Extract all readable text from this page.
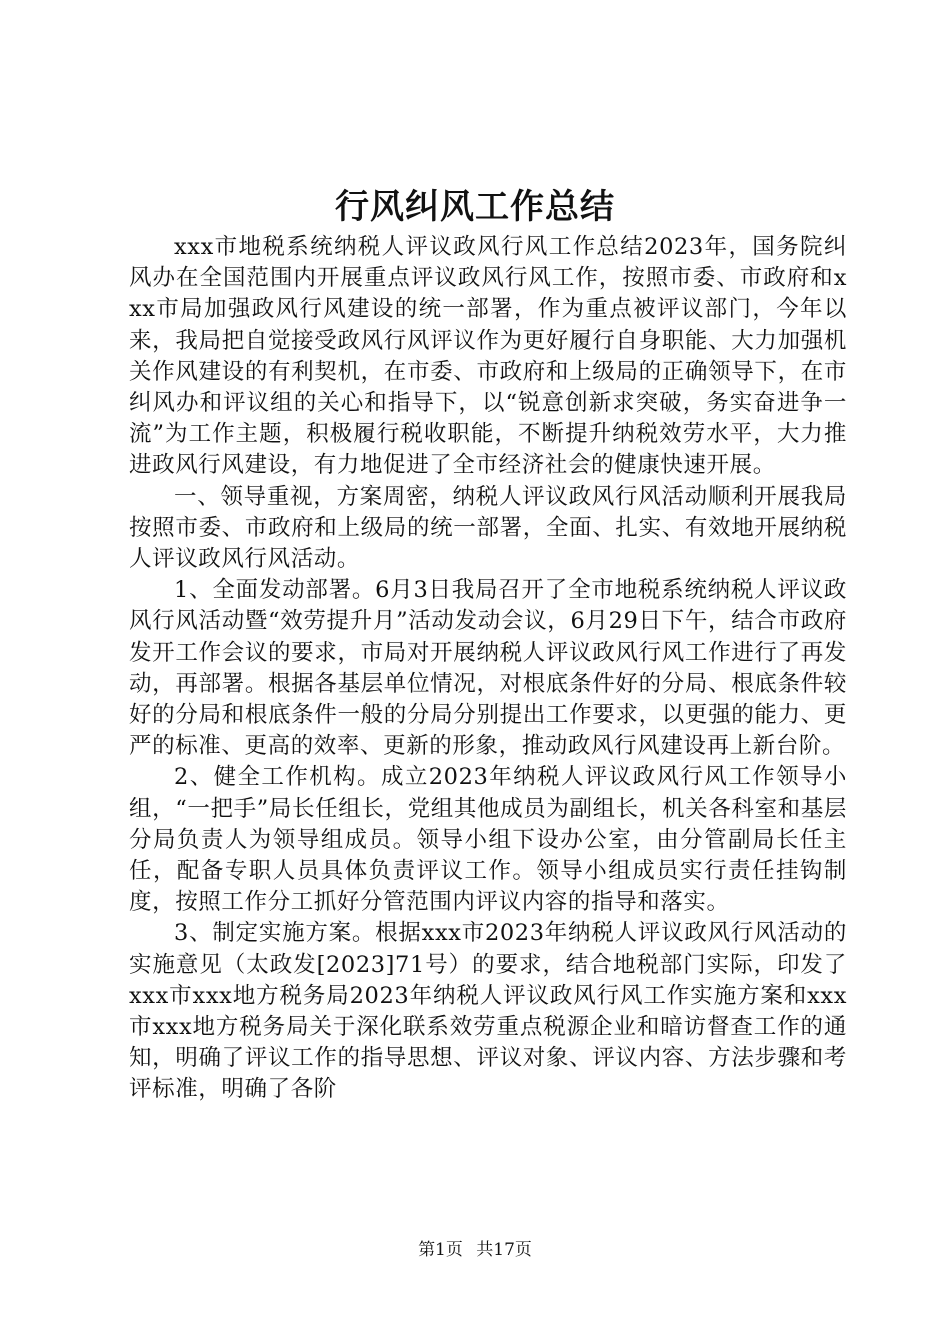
行风纠风工作总结

xxx市地税系统纳税人评议政风行风工作总结2023年，国务院纠风办在全国范围内开展重点评议政风行风工作，按照市委、市政府和xxx市局加强政风行风建设的统一部署，作为重点被评议部门，今年以来，我局把自觉接受政风行风评议作为更好履行自身职能、大力加强机关作风建设的有利契机，在市委、市政府和上级局的正确领导下，在市纠风办和评议组的关心和指导下，以“锐意创新求突破，务实奋进争一流”为工作主题，积极履行税收职能，不断提升纳税效劳水平，大力推进政风行风建设，有力地促进了全市经济社会的健康快速开展。

一、领导重视，方案周密，纳税人评议政风行风活动顺利开展我局按照市委、市政府和上级局的统一部署，全面、扎实、有效地开展纳税人评议政风行风活动。

1、全面发动部署。6月3日我局召开了全市地税系统纳税人评议政风行风活动暨“效劳提升月”活动发动会议，6月29日下午，结合市政府发开工作会议的要求，市局对开展纳税人评议政风行风工作进行了再发动，再部署。根据各基层单位情况，对根底条件好的分局、根底条件较好的分局和根底条件一般的分局分别提出工作要求，以更强的能力、更严的标准、更高的效率、更新的形象，推动政风行风建设再上新台阶。

2、健全工作机构。成立2023年纳税人评议政风行风工作领导小组，“一把手”局长任组长，党组其他成员为副组长，机关各科室和基层分局负责人为领导组成员。领导小组下设办公室，由分管副局长任主任，配备专职人员具体负责评议工作。领导小组成员实行责任挂钩制度，按照工作分工抓好分管范围内评议内容的指导和落实。

3、制定实施方案。根据xxx市2023年纳税人评议政风行风活动的实施意见（太政发[2023]71号）的要求，结合地税部门实际，印发了xxx市xxx地方税务局2023年纳税人评议政风行风工作实施方案和xxx市xxx地方税务局关于深化联系效劳重点税源企业和暗访督查工作的通知，明确了评议工作的指导思想、评议对象、评议内容、方法步骤和考评标准，明确了各阶

第1页 共17页
